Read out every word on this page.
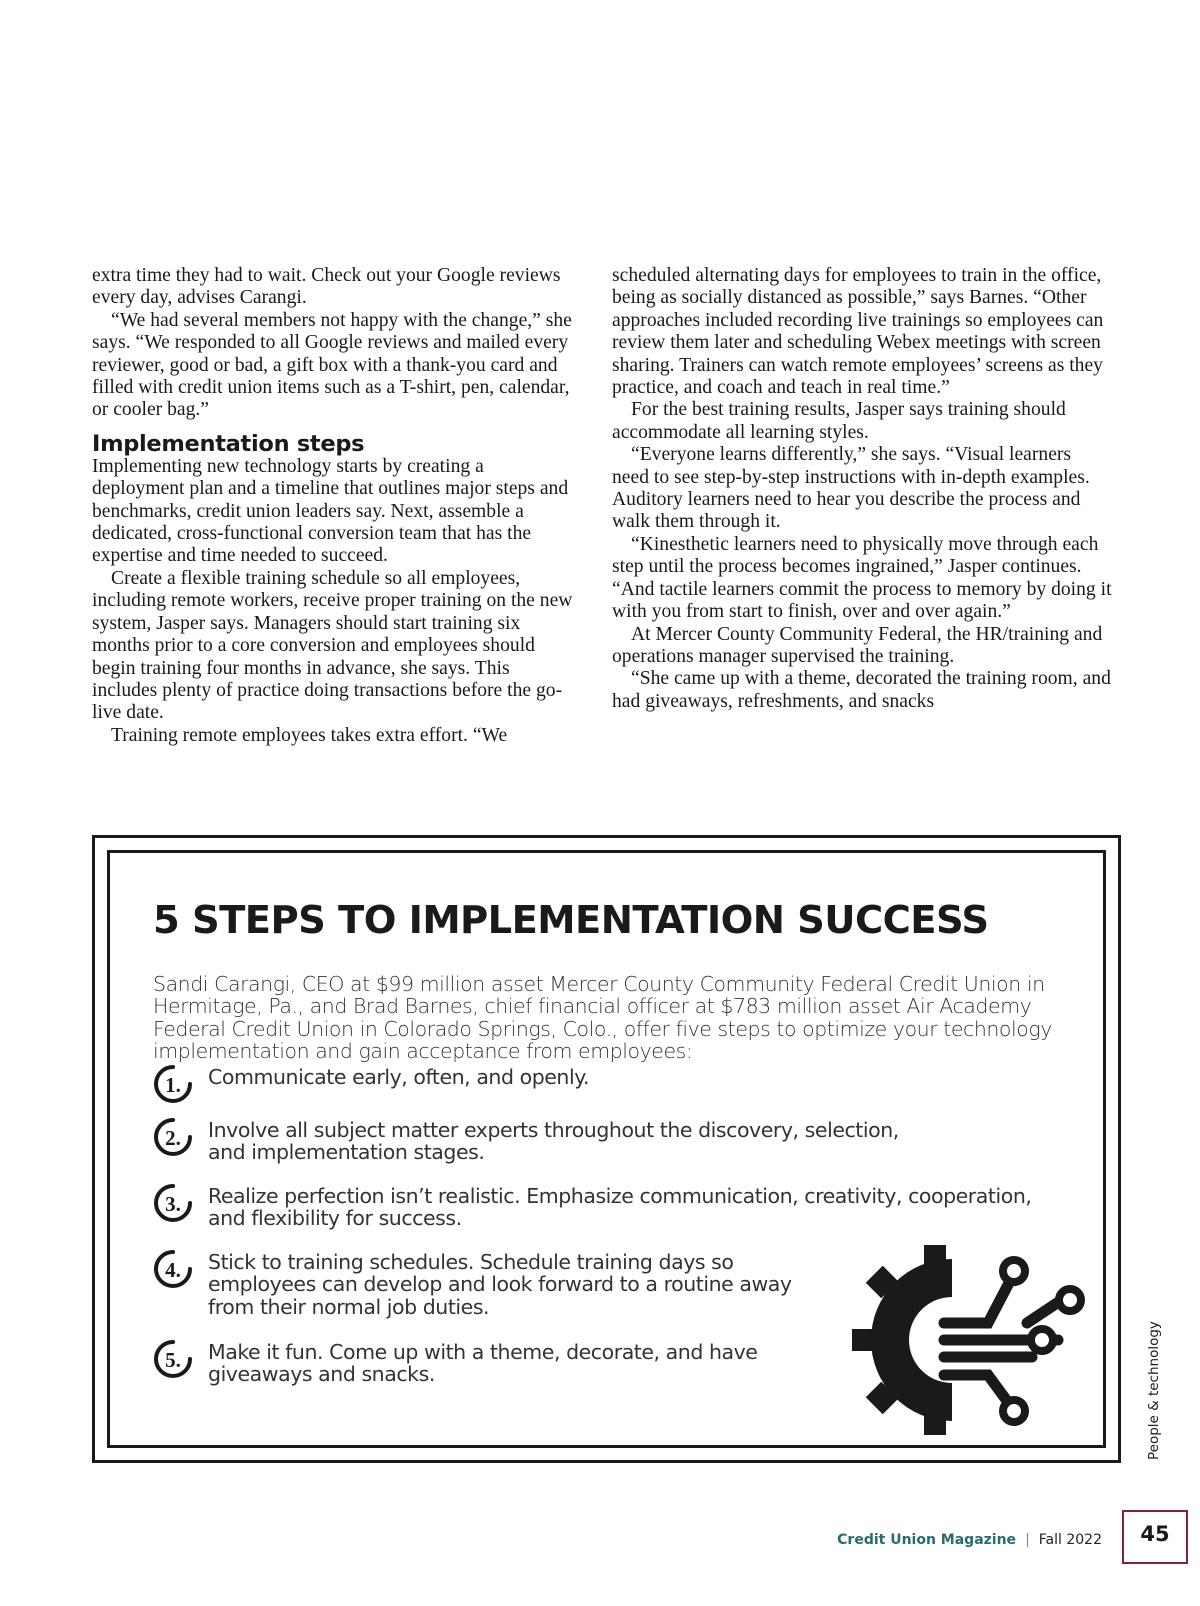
extra time they had to wait. Check out your Google reviews every day, advises Carangi.

“We had several members not happy with the change,” she says. “We responded to all Google reviews and mailed every reviewer, good or bad, a gift box with a thank-you card and filled with credit union items such as a T-shirt, pen, calendar, or cooler bag.”

Implementation steps

Implementing new technology starts by creating a deployment plan and a timeline that outlines major steps and benchmarks, credit union leaders say. Next, assemble a dedicated, cross-functional conversion team that has the expertise and time needed to succeed.

Create a flexible training schedule so all employees, including remote workers, receive proper training on the new system, Jasper says. Managers should start training six months prior to a core conversion and employees should begin training four months in advance, she says. This includes plenty of practice doing transactions before the go-live date.

Training remote employees takes extra effort. “We

scheduled alternating days for employees to train in the office, being as socially distanced as possible,” says Barnes. “Other approaches included recording live trainings so employees can review them later and scheduling Webex meetings with screen sharing. Trainers can watch remote employees’ screens as they practice, and coach and teach in real time.”

For the best training results, Jasper says training should accommodate all learning styles.

“Everyone learns differently,” she says. “Visual learners need to see step-by-step instructions with in-depth examples. Auditory learners need to hear you describe the process and walk them through it.

“Kinesthetic learners need to physically move through each step until the process becomes ingrained,” Jasper continues. “And tactile learners commit the process to memory by doing it with you from start to finish, over and over again.”

At Mercer County Community Federal, the HR/training and operations manager supervised the training.

“She came up with a theme, decorated the training room, and had giveaways, refreshments, and snacks

5 STEPS TO IMPLEMENTATION SUCCESS

Sandi Carangi, CEO at $99 million asset Mercer County Community Federal Credit Union in Hermitage, Pa., and Brad Barnes, chief financial officer at $783 million asset Air Academy Federal Credit Union in Colorado Springs, Colo., offer five steps to optimize your technology implementation and gain acceptance from employees:

1. Communicate early, often, and openly.
2. Involve all subject matter experts throughout the discovery, selection, and implementation stages.
3. Realize perfection isn’t realistic. Emphasize communication, creativity, cooperation, and flexibility for success.
4. Stick to training schedules. Schedule training days so employees can develop and look forward to a routine away from their normal job duties.
5. Make it fun. Come up with a theme, decorate, and have giveaways and snacks.	People & technology
Credit Union Magazine | Fall 2022	45
